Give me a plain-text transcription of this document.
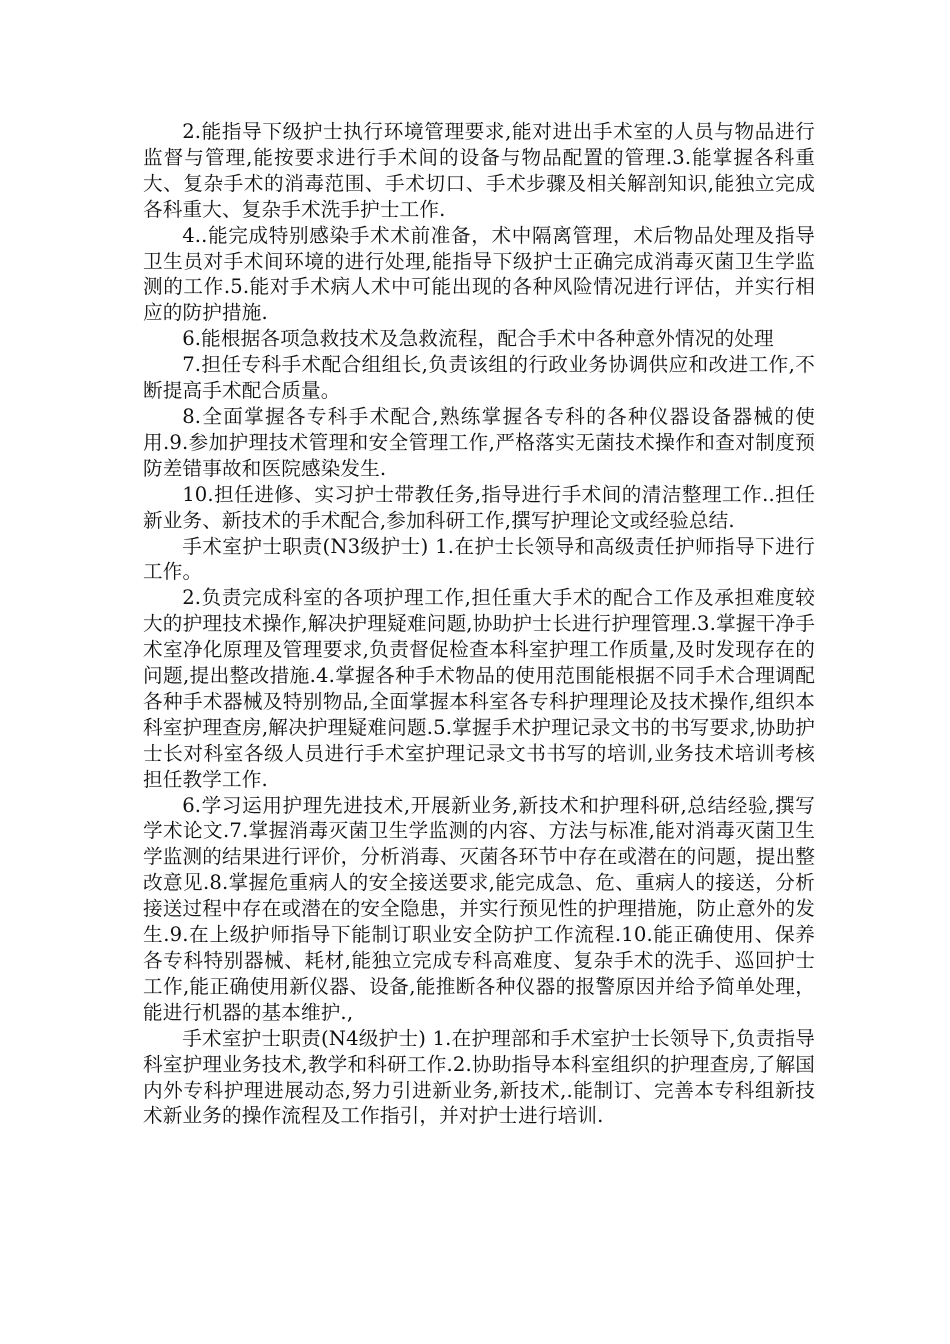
2.能指导下级护士执行环境管理要求,能对进出手术室的人员与物品进行监督与管理,能按要求进行手术间的设备与物品配置的管理.3.能掌握各科重大、复杂手术的消毒范围、手术切口、手术步骤及相关解剖知识,能独立完成各科重大、复杂手术洗手护士工作.

4..能完成特别感染手术术前准备，术中隔离管理，术后物品处理及指导卫生员对手术间环境的进行处理,能指导下级护士正确完成消毒灭菌卫生学监测的工作.5.能对手术病人术中可能出现的各种风险情况进行评估，并实行相应的防护措施.

6.能根据各项急救技术及急救流程，配合手术中各种意外情况的处理

7.担任专科手术配合组组长,负责该组的行政业务协调供应和改进工作,不断提高手术配合质量。

8.全面掌握各专科手术配合,熟练掌握各专科的各种仪器设备器械的使用.9.参加护理技术管理和安全管理工作,严格落实无菌技术操作和查对制度预防差错事故和医院感染发生.

10.担任进修、实习护士带教任务,指导进行手术间的清洁整理工作..担任新业务、新技术的手术配合,参加科研工作,撰写护理论文或经验总结.

手术室护士职责(N3级护士) 1.在护士长领导和高级责任护师指导下进行工作。

2.负责完成科室的各项护理工作,担任重大手术的配合工作及承担难度较大的护理技术操作,解决护理疑难问题,协助护士长进行护理管理.3.掌握干净手术室净化原理及管理要求,负责督促检查本科室护理工作质量,及时发现存在的问题,提出整改措施.4.掌握各种手术物品的使用范围能根据不同手术合理调配各种手术器械及特别物品,全面掌握本科室各专科护理理论及技术操作,组织本科室护理查房,解决护理疑难问题.5.掌握手术护理记录文书的书写要求,协助护士长对科室各级人员进行手术室护理记录文书书写的培训,业务技术培训考核担任教学工作.

6.学习运用护理先进技术,开展新业务,新技术和护理科研,总结经验,撰写学术论文.7.掌握消毒灭菌卫生学监测的内容、方法与标准,能对消毒灭菌卫生学监测的结果进行评价，分析消毒、灭菌各环节中存在或潜在的问题，提出整改意见.8.掌握危重病人的安全接送要求,能完成急、危、重病人的接送，分析接送过程中存在或潜在的安全隐患，并实行预见性的护理措施，防止意外的发生.9.在上级护师指导下能制订职业安全防护工作流程.10.能正确使用、保养各专科特别器械、耗材,能独立完成专科高难度、复杂手术的洗手、巡回护士工作,能正确使用新仪器、设备,能推断各种仪器的报警原因并给予简单处理，能进行机器的基本维护.,

手术室护士职责(N4级护士) 1.在护理部和手术室护士长领导下,负责指导科室护理业务技术,教学和科研工作.2.协助指导本科室组织的护理查房,了解国内外专科护理进展动态,努力引进新业务,新技术,.能制订、完善本专科组新技术新业务的操作流程及工作指引，并对护士进行培训.
